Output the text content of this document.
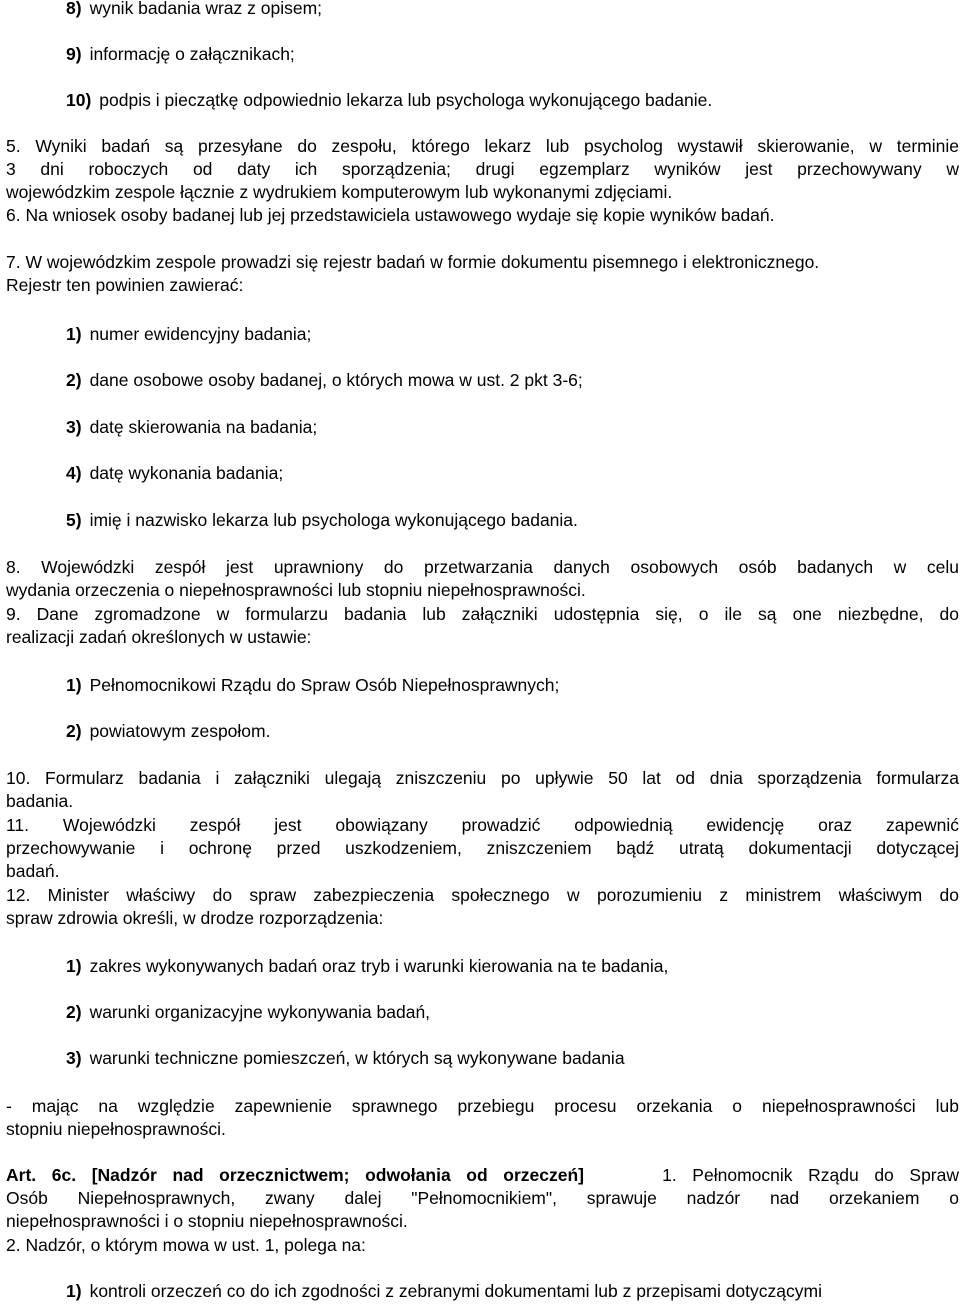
8) wynik badania wraz z opisem;
9) informację o załącznikach;
10) podpis i pieczątkę odpowiednio lekarza lub psychologa wykonującego badanie.
5. Wyniki badań są przesyłane do zespołu, którego lekarz lub psycholog wystawił skierowanie, w terminie
3 dni roboczych od daty ich sporządzenia; drugi egzemplarz wyników jest przechowywany w
wojewódzkim zespole łącznie z wydrukiem komputerowym lub wykonanymi zdjęciami.
6. Na wniosek osoby badanej lub jej przedstawiciela ustawowego wydaje się kopie wyników badań.
7. W wojewódzkim zespole prowadzi się rejestr badań w formie dokumentu pisemnego i elektronicznego.
Rejestr ten powinien zawierać:
1) numer ewidencyjny badania;
2) dane osobowe osoby badanej, o których mowa w ust. 2 pkt 3-6;
3) datę skierowania na badania;
4) datę wykonania badania;
5) imię i nazwisko lekarza lub psychologa wykonującego badania.
8. Wojewódzki zespół jest uprawniony do przetwarzania danych osobowych osób badanych w celu
wydania orzeczenia o niepełnosprawności lub stopniu niepełnosprawności.
9. Dane zgromadzone w formularzu badania lub załączniki udostępnia się, o ile są one niezbędne, do
realizacji zadań określonych w ustawie:
1) Pełnomocnikowi Rządu do Spraw Osób Niepełnosprawnych;
2) powiatowym zespołom.
10. Formularz badania i załączniki ulegają zniszczeniu po upływie 50 lat od dnia sporządzenia formularza
badania.
11. Wojewódzki zespół jest obowiązany prowadzić odpowiednią ewidencję oraz zapewnić
przechowywanie i ochronę przed uszkodzeniem, zniszczeniem bądź utratą dokumentacji dotyczącej
badań.
12. Minister właściwy do spraw zabezpieczenia społecznego w porozumieniu z ministrem właściwym do
spraw zdrowia określi, w drodze rozporządzenia:
1) zakres wykonywanych badań oraz tryb i warunki kierowania na te badania,
2) warunki organizacyjne wykonywania badań,
3) warunki techniczne pomieszczeń, w których są wykonywane badania
- mając na względzie zapewnienie sprawnego przebiegu procesu orzekania o niepełnosprawności lub
stopniu niepełnosprawności.
Art. 6c. [Nadzór nad orzecznictwem; odwołania od orzeczeń]	1. Pełnomocnik Rządu do Spraw
Osób Niepełnosprawnych, zwany dalej "Pełnomocnikiem", sprawuje nadzór nad orzekaniem o
niepełnosprawności i o stopniu niepełnosprawności.
2. Nadzór, o którym mowa w ust. 1, polega na:
1) kontroli orzeczeń co do ich zgodności z zebranymi dokumentami lub z przepisami dotyczącymi
